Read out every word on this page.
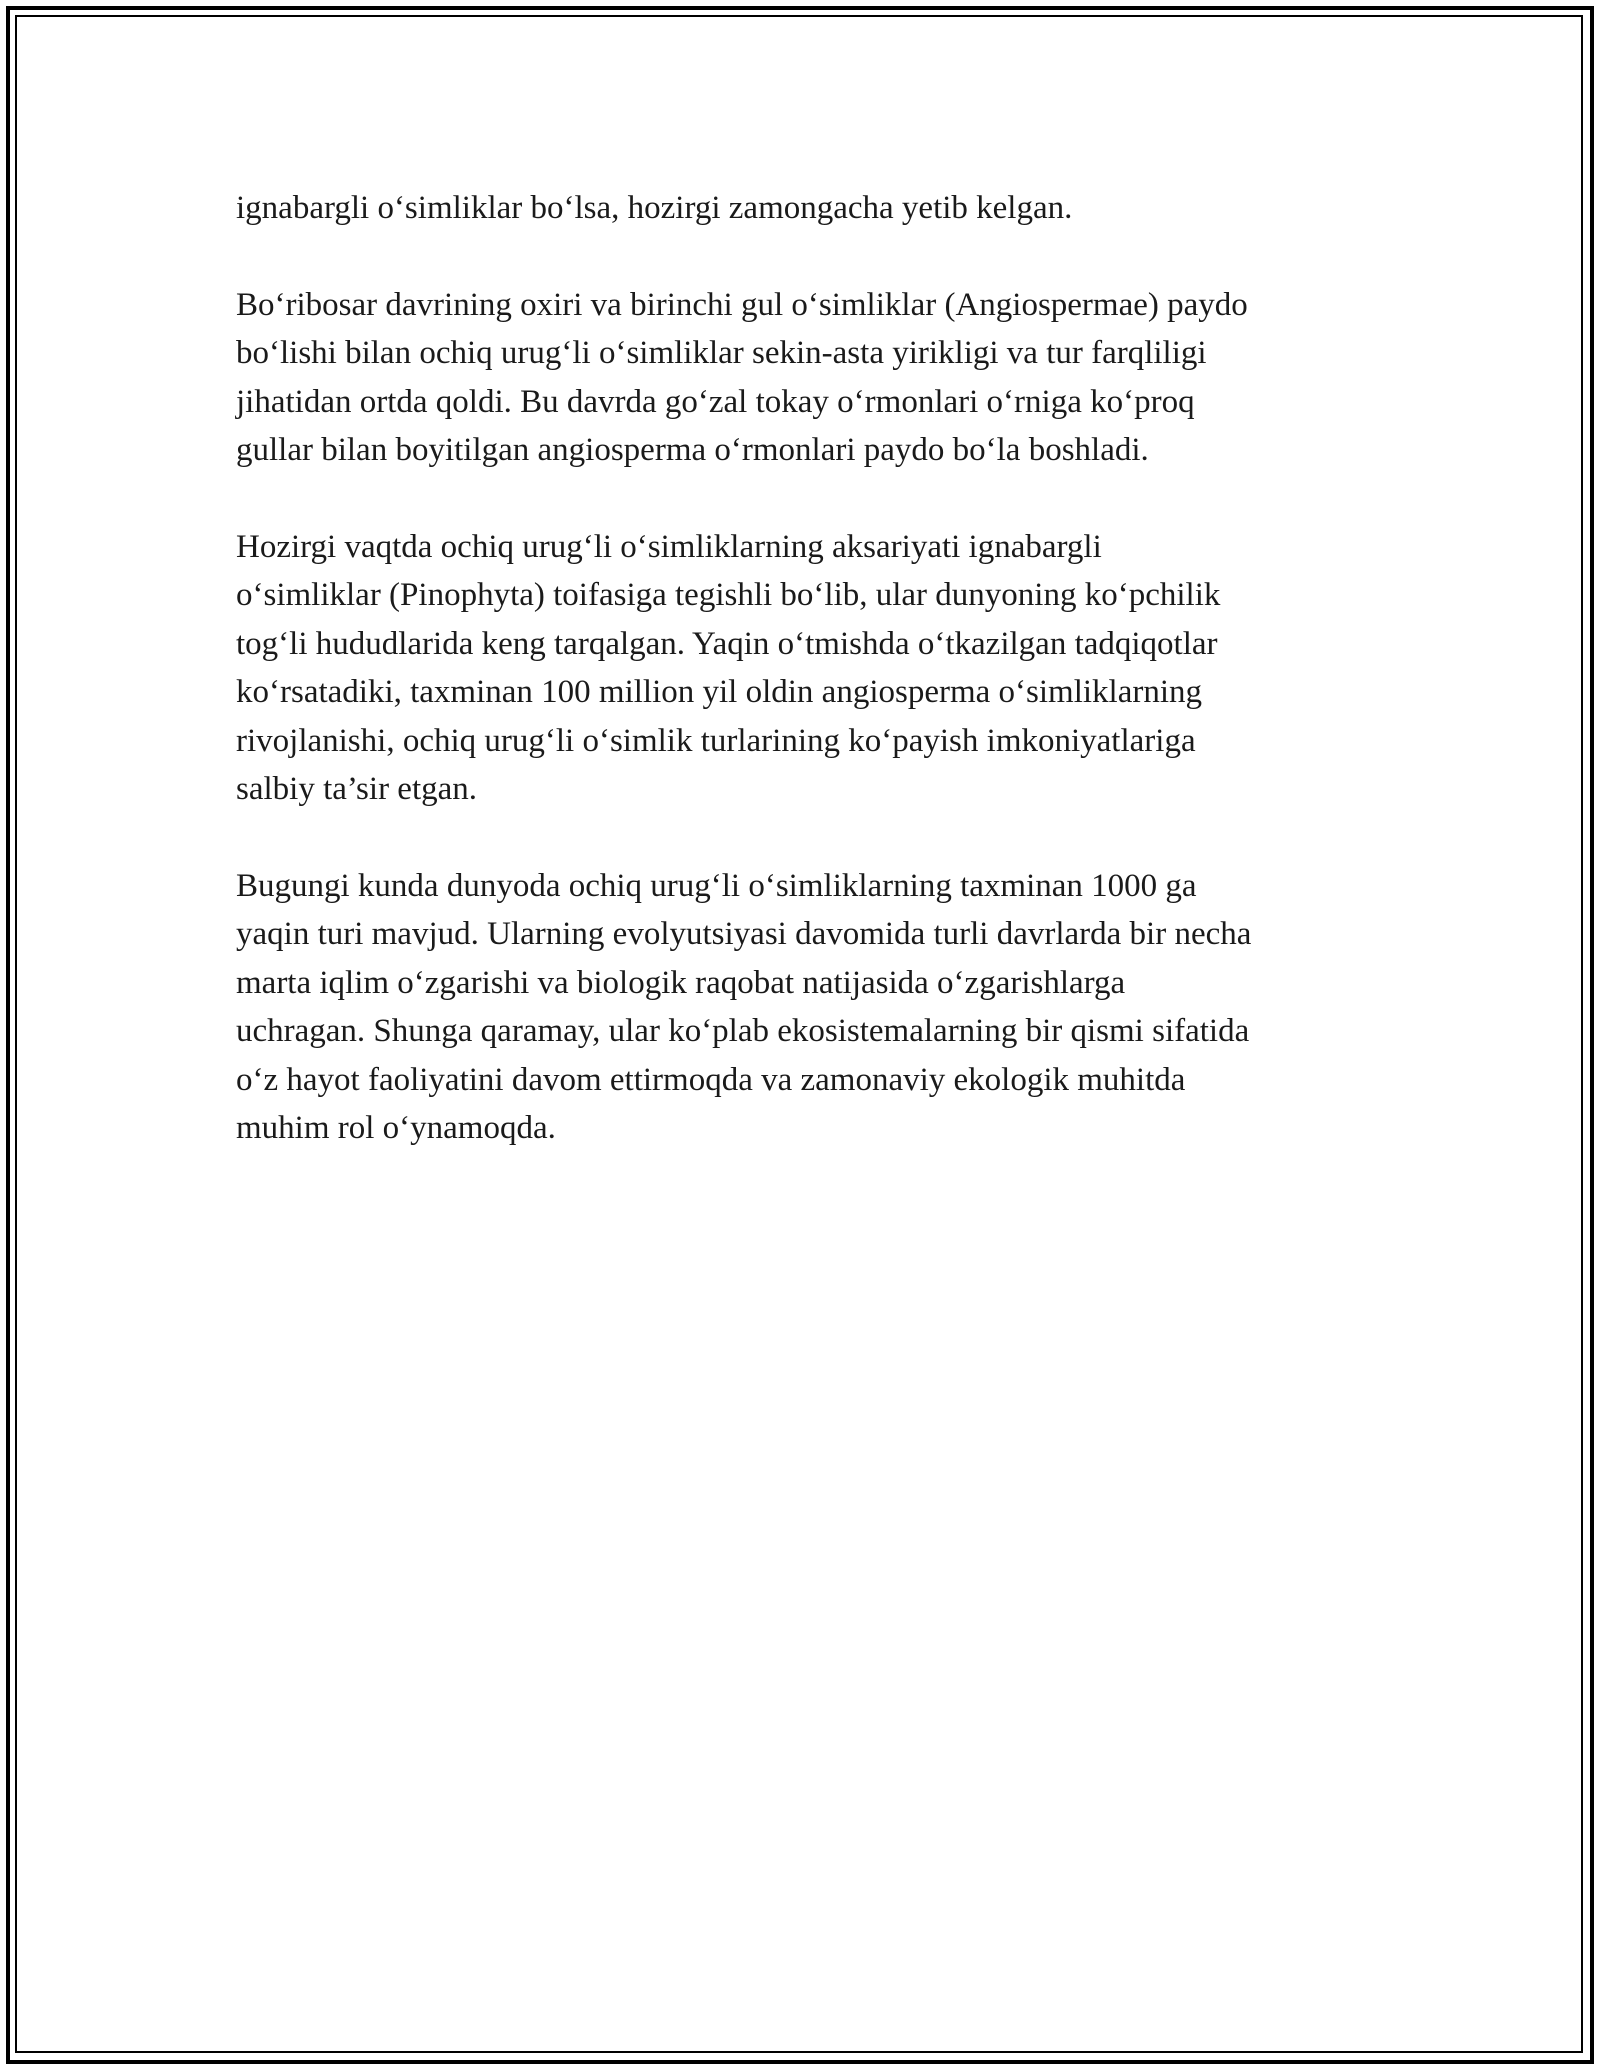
ignabargli o‘simliklar bo‘lsa, hozirgi zamongacha yetib kelgan.

Bo‘ribosar davrining oxiri va birinchi gul o‘simliklar (Angiospermae) paydo
bo‘lishi bilan ochiq urug‘li o‘simliklar sekin-asta yirikligi va tur farqliligi
jihatidan ortda qoldi. Bu davrda go‘zal tokay o‘rmonlari o‘rniga ko‘proq
gullar bilan boyitilgan angiosperma o‘rmonlari paydo bo‘la boshladi.

Hozirgi vaqtda ochiq urug‘li o‘simliklarning aksariyati ignabargli
o‘simliklar (Pinophyta) toifasiga tegishli bo‘lib, ular dunyoning ko‘pchilik
tog‘li hududlarida keng tarqalgan. Yaqin o‘tmishda o‘tkazilgan tadqiqotlar
ko‘rsatadiki, taxminan 100 million yil oldin angiosperma o‘simliklarning
rivojlanishi, ochiq urug‘li o‘simlik turlarining ko‘payish imkoniyatlariga
salbiy ta’sir etgan.

Bugungi kunda dunyoda ochiq urug‘li o‘simliklarning taxminan 1000 ga
yaqin turi mavjud. Ularning evolyutsiyasi davomida turli davrlarda bir necha
marta iqlim o‘zgarishi va biologik raqobat natijasida o‘zgarishlarga
uchragan. Shunga qaramay, ular ko‘plab ekosistemalarning bir qismi sifatida
o‘z hayot faoliyatini davom ettirmoqda va zamonaviy ekologik muhitda
muhim rol o‘ynamoqda.
